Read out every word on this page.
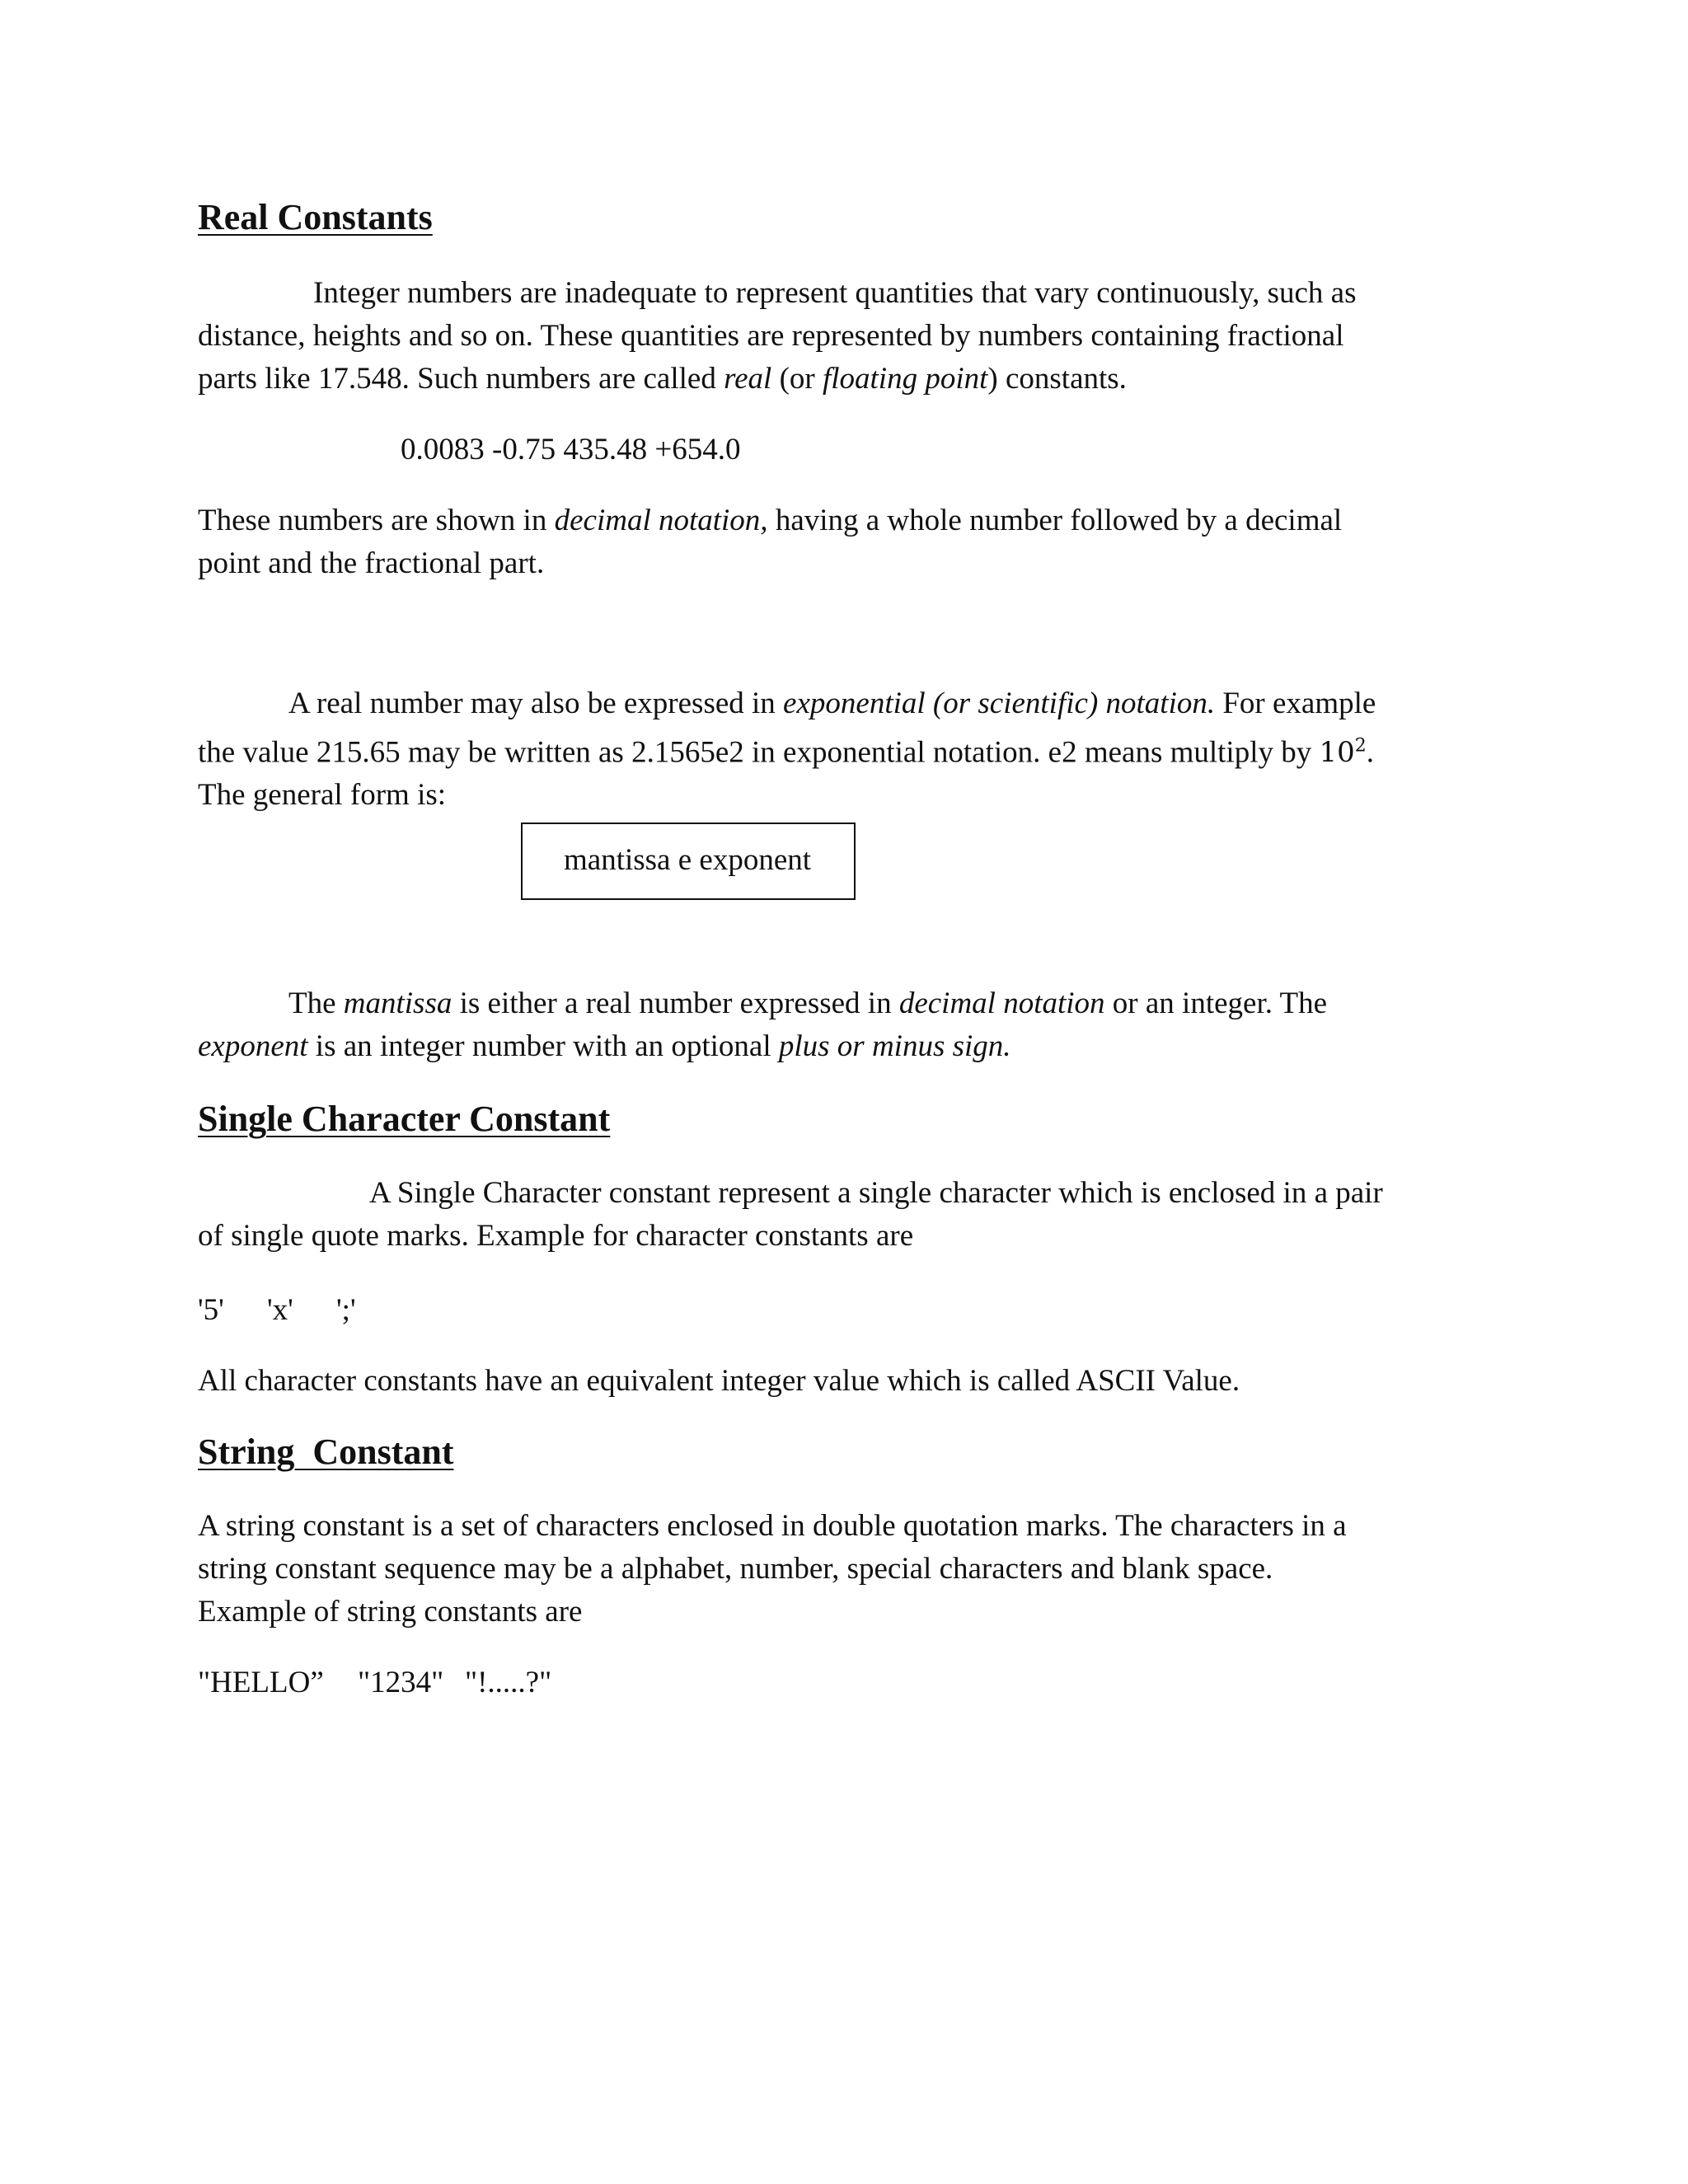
Real Constants

Integer numbers are inadequate to represent quantities that vary continuously, such as
distance, heights and so on. These quantities are represented by numbers containing fractional
parts like 17.548. Such numbers are called real (or floating point) constants.

0.0083 -0.75 435.48 +654.0

These numbers are shown in decimal notation, having a whole number followed by a decimal
point and the fractional part.

A real number may also be expressed in exponential (or scientific) notation. For example
the value 215.65 may be written as 2.1565e2 in exponential notation. e2 means multiply by $10^2$.
The general form is:

mantissa e exponent

The mantissa is either a real number expressed in decimal notation or an integer. The
exponent is an integer number with an optional plus or minus sign.

Single Character Constant

A Single Character constant represent a single character which is enclosed in a pair
of single quote marks. Example for character constants are

'5' 'x' ';'

All character constants have an equivalent integer value which is called ASCII Value.

String  Constant

A string constant is a set of characters enclosed in double quotation marks. The characters in a
string constant sequence may be a alphabet, number, special characters and blank space.
Example of string constants are

"HELLO” "1234" "!.....?"
